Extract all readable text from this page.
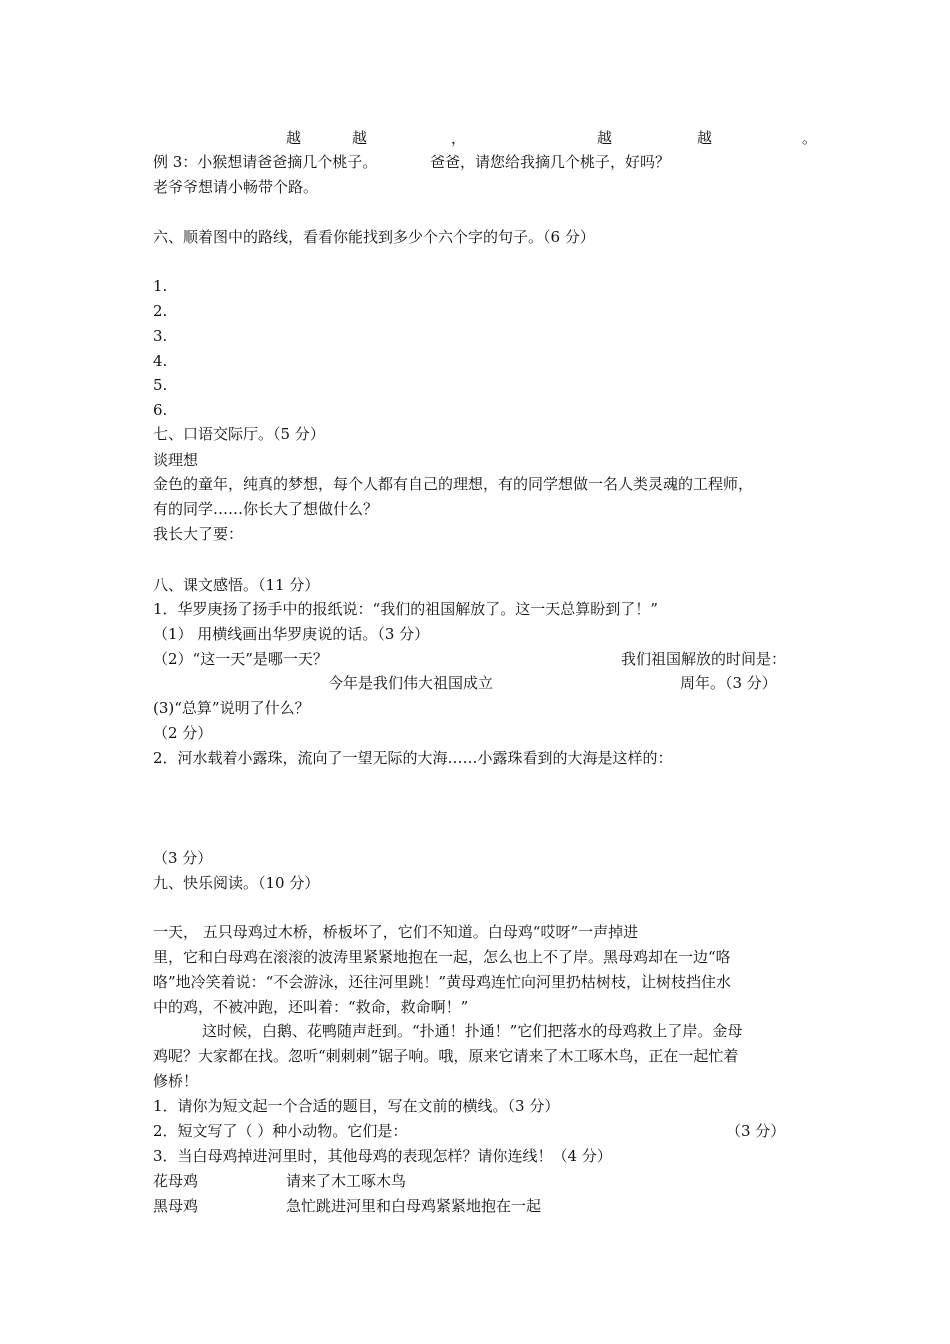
越	越	，	越	越	。
例 3：小猴想请爸爸摘几个桃子。	爸爸，请您给我摘几个桃子，好吗？
老爷爷想请小畅带个路。
六、顺着图中的路线，看看你能找到多少个六个字的句子。（6 分）
1.
2.
3.
4.
5.
6.
七、口语交际厅。（5 分）
谈理想
金色的童年，纯真的梦想，每个人都有自己的理想，有的同学想做一名人类灵魂的工程师，
有的同学……你长大了想做什么？
我长大了要：
八、课文感悟。（11 分）
1．华罗庚扬了扬手中的报纸说：“我们的祖国解放了。这一天总算盼到了！”
（1） 用横线画出华罗庚说的话。（3 分）
（2）“这一天”是哪一天？	我们祖国解放的时间是：
今年是我们伟大祖国成立	周年。（3 分）
(3)“总算”说明了什么？
（2 分）
2．河水载着小露珠，流向了一望无际的大海……小露珠看到的大海是这样的：
（3 分）
九、快乐阅读。（10 分）
一天， 五只母鸡过木桥，桥板坏了，它们不知道。白母鸡“哎呀”一声掉进
里，它和白母鸡在滚滚的波涛里紧紧地抱在一起，怎么也上不了岸。黑母鸡却在一边“咯
咯”地冷笑着说：“不会游泳，还往河里跳！”黄母鸡连忙向河里扔枯树枝，让树枝挡住水
中的鸡，不被冲跑，还叫着：“救命，救命啊！”
这时候，白鹅、花鸭随声赶到。“扑通！扑通！”它们把落水的母鸡救上了岸。金母
鸡呢？大家都在找。忽听“刺刺刺”锯子响。哦，原来它请来了木工啄木鸟，正在一起忙着
修桥！
1．请你为短文起一个合适的题目，写在文前的横线。（3 分）
2．短文写了（ ）种小动物。它们是：	（3 分）
3．当白母鸡掉进河里时，其他母鸡的表现怎样？请你连线！（4 分）
花母鸡	请来了木工啄木鸟
黑母鸡	急忙跳进河里和白母鸡紧紧地抱在一起
